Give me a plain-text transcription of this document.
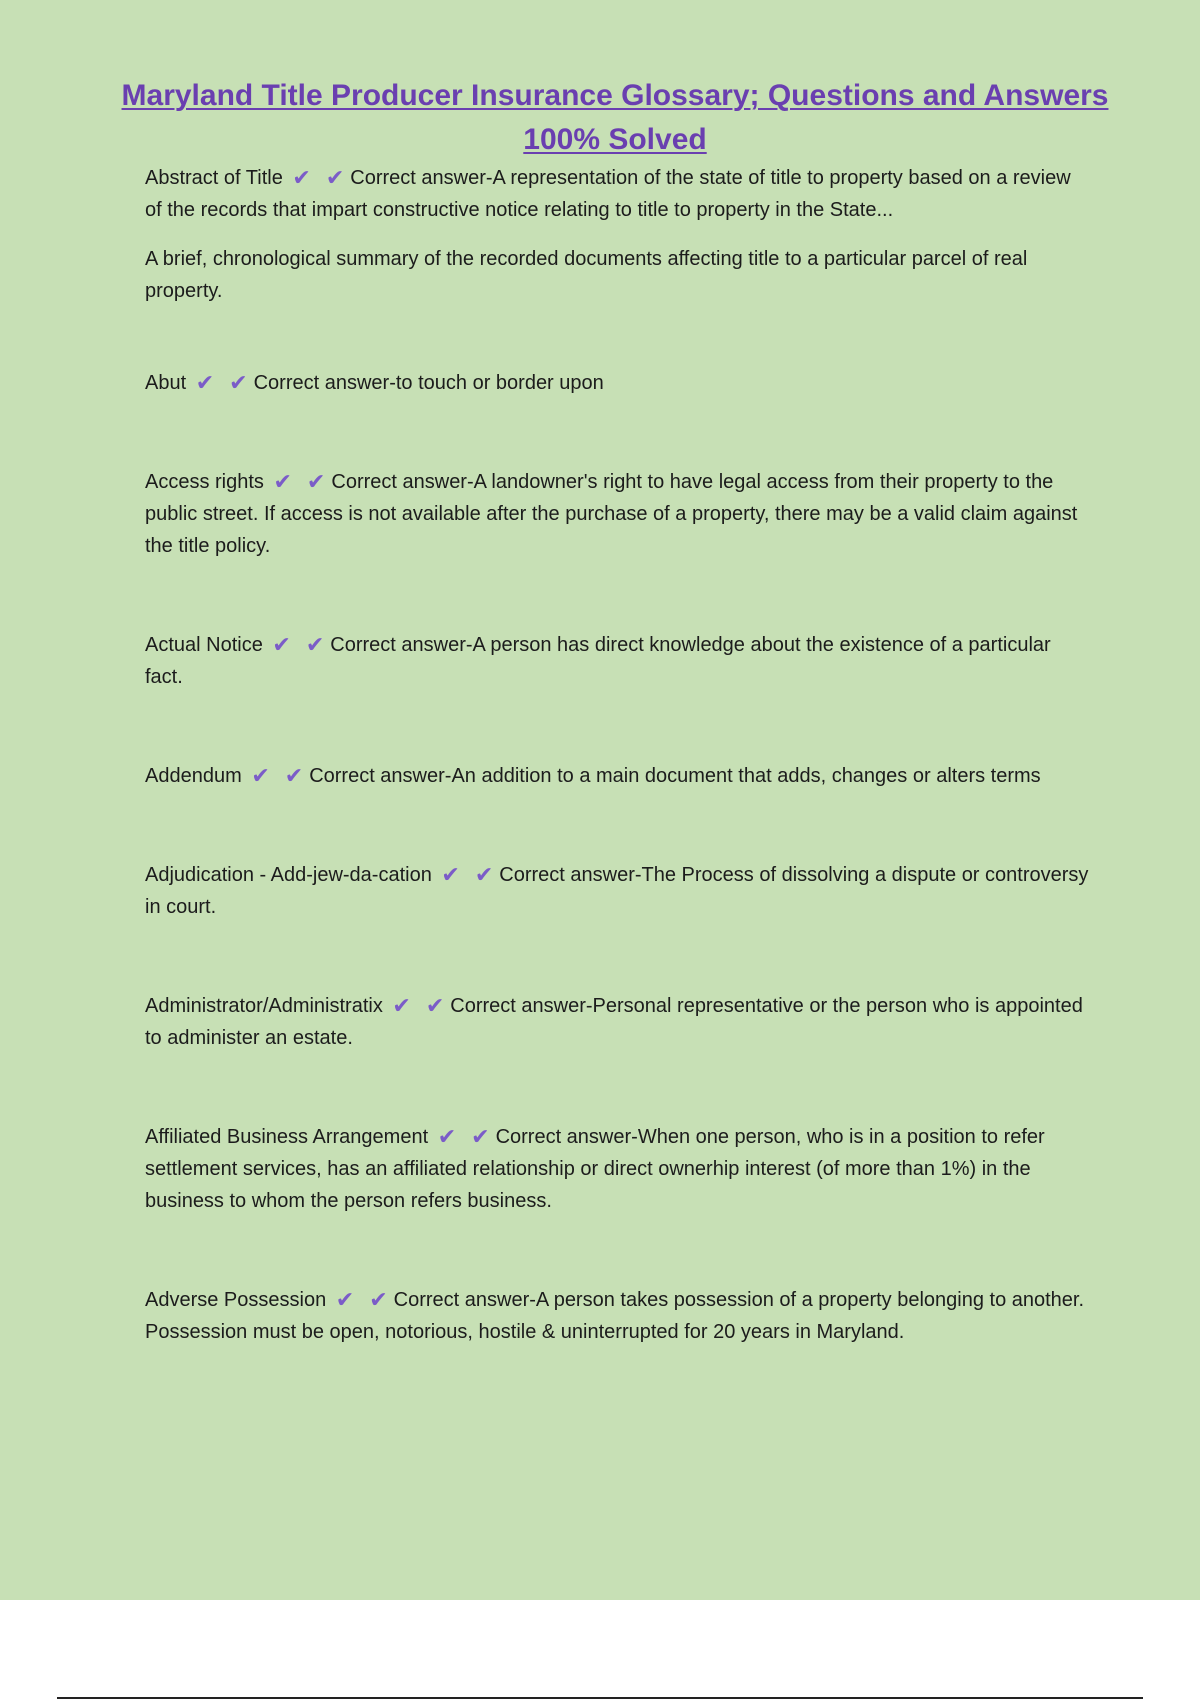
Maryland Title Producer Insurance Glossary; Questions and Answers 100% Solved

Abstract of Title ✔ ✔ Correct answer-A representation of the state of title to property based on a review of the records that impart constructive notice relating to title to property in the State...

A brief, chronological summary of the recorded documents affecting title to a particular parcel of real property.

Abut ✔ ✔ Correct answer-to touch or border upon

Access rights ✔ ✔ Correct answer-A landowner's right to have legal access from their property to the public street. If access is not available after the purchase of a property, there may be a valid claim against the title policy.

Actual Notice ✔ ✔ Correct answer-A person has direct knowledge about the existence of a particular fact.

Addendum ✔ ✔ Correct answer-An addition to a main document that adds, changes or alters terms

Adjudication - Add-jew-da-cation ✔ ✔ Correct answer-The Process of dissolving a dispute or controversy in court.

Administrator/Administratix ✔ ✔ Correct answer-Personal representative or the person who is appointed to administer an estate.

Affiliated Business Arrangement ✔ ✔ Correct answer-When one person, who is in a position to refer settlement services, has an affiliated relationship or direct ownerhip interest (of more than 1%) in the business to whom the person refers business.

Adverse Possession ✔ ✔ Correct answer-A person takes possession of a property belonging to another. Possession must be open, notorious, hostile & uninterrupted for 20 years in Maryland.
